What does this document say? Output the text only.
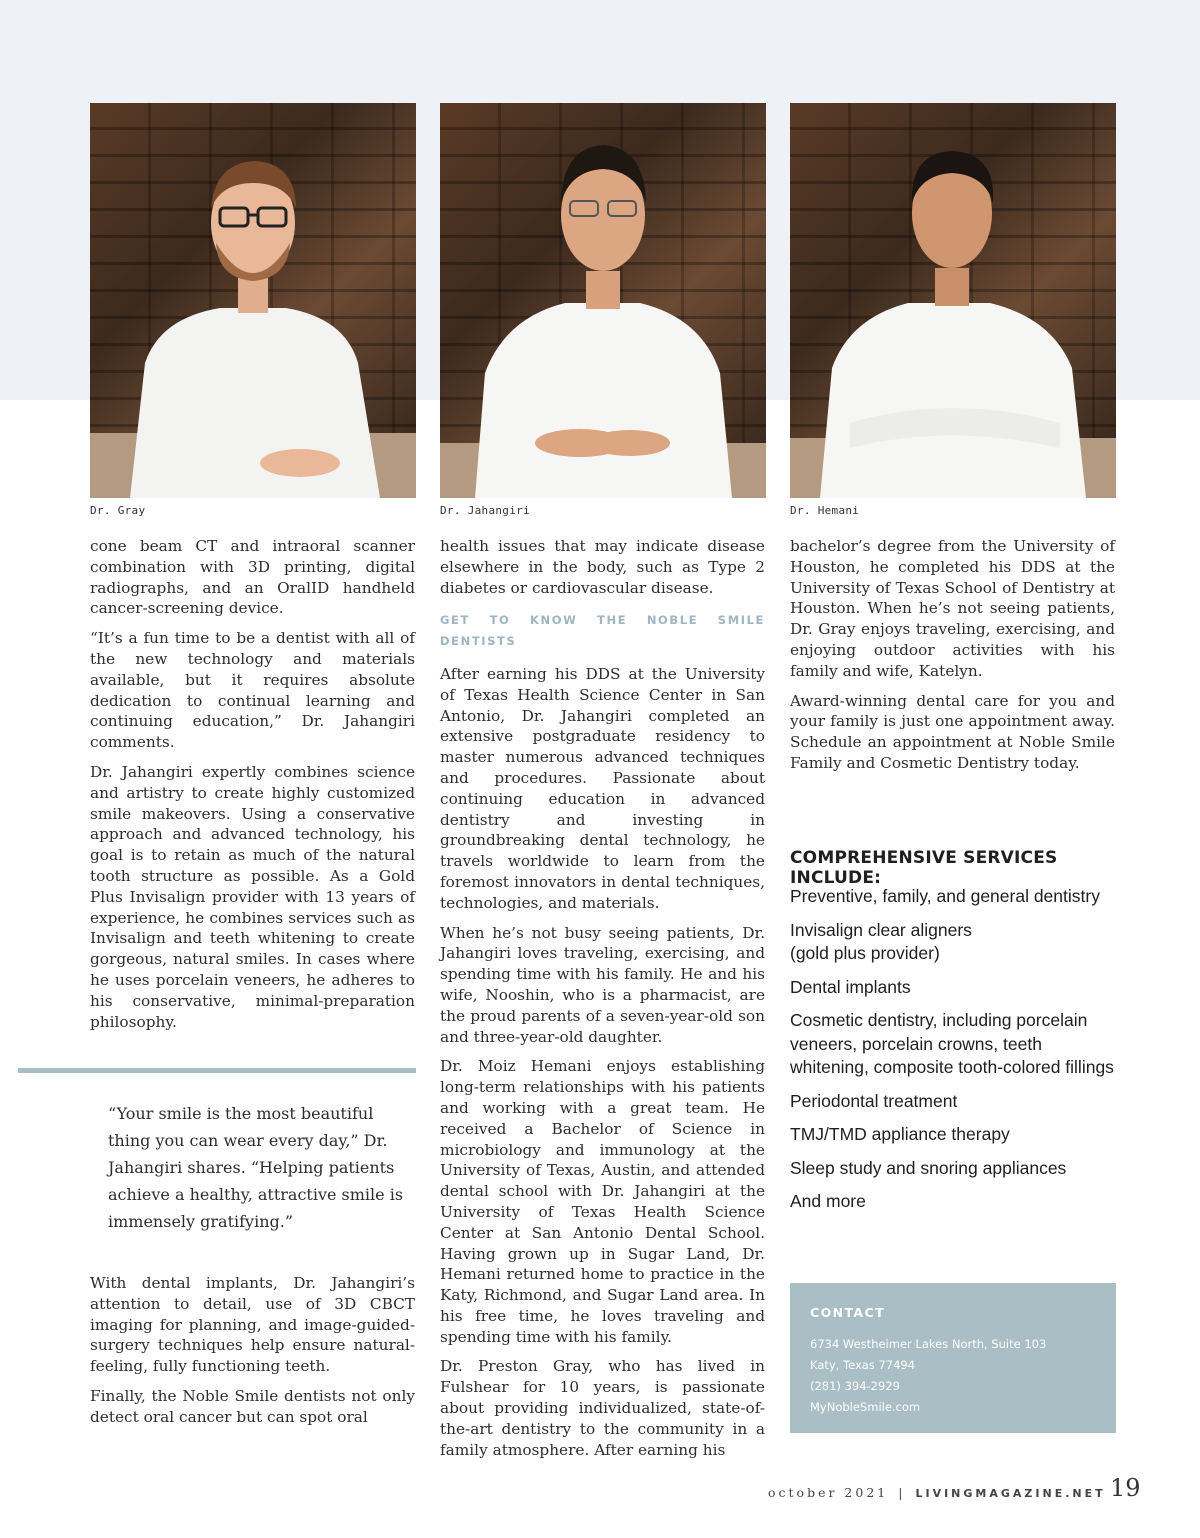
Dr. Gray	Dr. Jahangiri	Dr. Hemani

cone beam CT and intraoral scanner combination with 3D printing, digital radiographs, and an OralID handheld cancer-screening device.

“It’s a fun time to be a dentist with all of the new technology and materials available, but it requires absolute dedication to continual learning and continuing education,” Dr. Jahangiri comments.

Dr. Jahangiri expertly combines science and artistry to create highly customized smile makeovers. Using a conservative approach and advanced technology, his goal is to retain as much of the natural tooth structure as possible. As a Gold Plus Invisalign provider with 13 years of experience, he combines services such as Invisalign and teeth whitening to create gorgeous, natural smiles. In cases where he uses porcelain veneers, he adheres to his conservative, minimal-preparation philosophy.

“Your smile is the most beautiful thing you can wear every day,” Dr. Jahangiri shares. “Helping patients achieve a healthy, attractive smile is immensely gratifying.”

With dental implants, Dr. Jahangiri’s attention to detail, use of 3D CBCT imaging for planning, and image-guided-surgery techniques help ensure natural-feeling, fully functioning teeth.

Finally, the Noble Smile dentists not only detect oral cancer but can spot oral

health issues that may indicate disease elsewhere in the body, such as Type 2 diabetes or cardiovascular disease.

GET TO KNOW THE NOBLE SMILE DENTISTS

After earning his DDS at the University of Texas Health Science Center in San Antonio, Dr. Jahangiri completed an extensive postgraduate residency to master numerous advanced techniques and procedures. Passionate about continuing education in advanced dentistry and investing in groundbreaking dental technology, he travels worldwide to learn from the foremost innovators in dental techniques, technologies, and materials.

When he’s not busy seeing patients, Dr. Jahangiri loves traveling, exercising, and spending time with his family. He and his wife, Nooshin, who is a pharmacist, are the proud parents of a seven-year-old son and three-year-old daughter.

Dr. Moiz Hemani enjoys establishing long-term relationships with his patients and working with a great team. He received a Bachelor of Science in microbiology and immunology at the University of Texas, Austin, and attended dental school with Dr. Jahangiri at the University of Texas Health Science Center at San Antonio Dental School. Having grown up in Sugar Land, Dr. Hemani returned home to practice in the Katy, Richmond, and Sugar Land area. In his free time, he loves traveling and spending time with his family.

Dr. Preston Gray, who has lived in Fulshear for 10 years, is passionate about providing individualized, state-of-the-art dentistry to the community in a family atmosphere. After earning his

bachelor’s degree from the University of Houston, he completed his DDS at the University of Texas School of Dentistry at Houston. When he’s not seeing patients, Dr. Gray enjoys traveling, exercising, and enjoying outdoor activities with his family and wife, Katelyn.

Award-winning dental care for you and your family is just one appointment away. Schedule an appointment at Noble Smile Family and Cosmetic Dentistry today.

COMPREHENSIVE SERVICES INCLUDE:
Preventive, family, and general dentistry
Invisalign clear aligners
(gold plus provider)
Dental implants
Cosmetic dentistry, including porcelain veneers, porcelain crowns, teeth whitening, composite tooth-colored fillings
Periodontal treatment
TMJ/TMD appliance therapy
Sleep study and snoring appliances
And more
CONTACT
6734 Westheimer Lakes North, Suite 103
Katy, Texas 77494
(281) 394-2929
MyNobleSmile.com
october 2021 | LIVINGMAGAZINE.NET 19
